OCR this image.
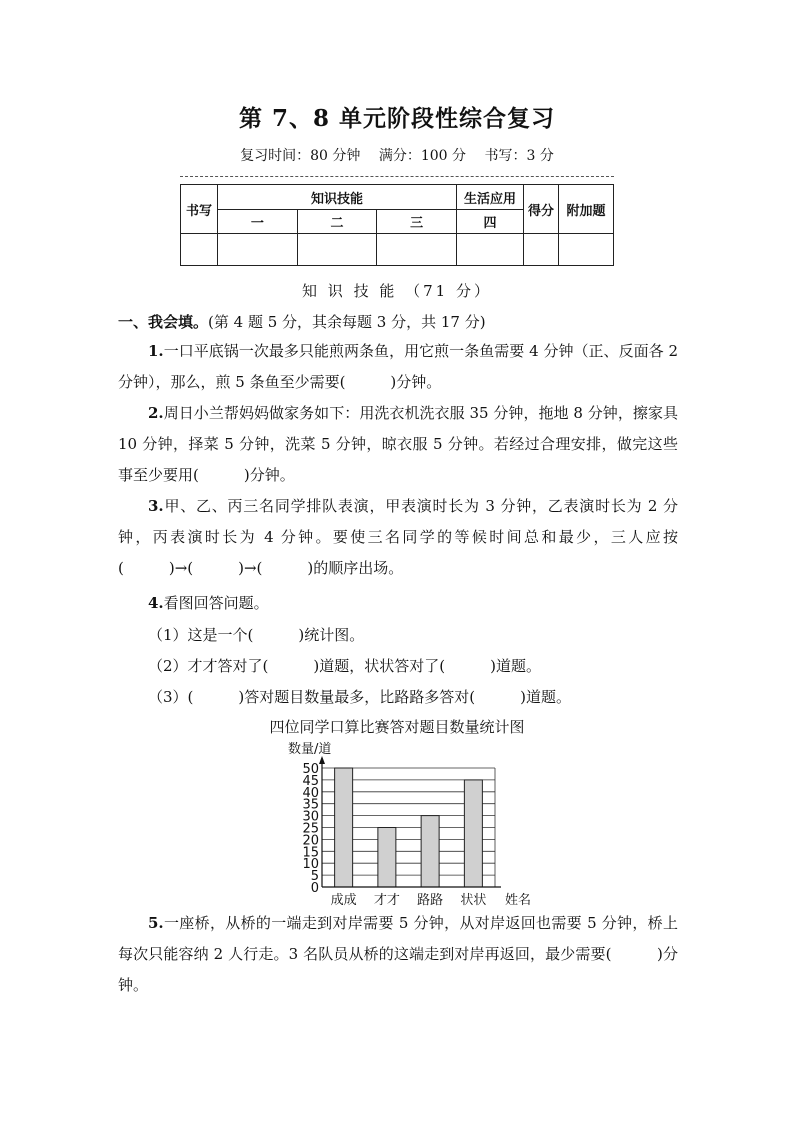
第 7、8 单元阶段性综合复习
复习时间：80 分钟 满分：100 分 书写：3 分
书写	知识技能			生活应用	得分	附加题
	一	二	三	四		

知 识 技 能 （71 分）
一、我会填。(第 4 题 5 分，其余每题 3 分，共 17 分)
1.一口平底锅一次最多只能煎两条鱼，用它煎一条鱼需要 4 分钟（正、反面各 2 分钟），那么，煎 5 条鱼至少需要(　　　)分钟。
2.周日小兰帮妈妈做家务如下：用洗衣机洗衣服 35 分钟，拖地 8 分钟，擦家具 10 分钟，择菜 5 分钟，洗菜 5 分钟，晾衣服 5 分钟。若经过合理安排，做完这些事至少要用(　　　)分钟。
3.甲、乙、丙三名同学排队表演，甲表演时长为 3 分钟，乙表演时长为 2 分钟，丙表演时长为 4 分钟。要使三名同学的等候时间总和最少，三人应按(　　　)→(　　　)→(　　　)的顺序出场。
4.看图回答问题。
（1）这是一个(　　　)统计图。
（2）才才答对了(　　　)道题，状状答对了(　　　)道题。
（3）(　　　)答对题目数量最多，比路路多答对(　　　)道题。
四位同学口算比赛答对题目数量统计图
0
5
10
15
20
25
30
35
40
45
50
成成 才才 路路 状状
数量/道
姓名
5.一座桥，从桥的一端走到对岸需要 5 分钟，从对岸返回也需要 5 分钟，桥上每次只能容纳 2 人行走。3 名队员从桥的这端走到对岸再返回，最少需要(　　　)分钟。
